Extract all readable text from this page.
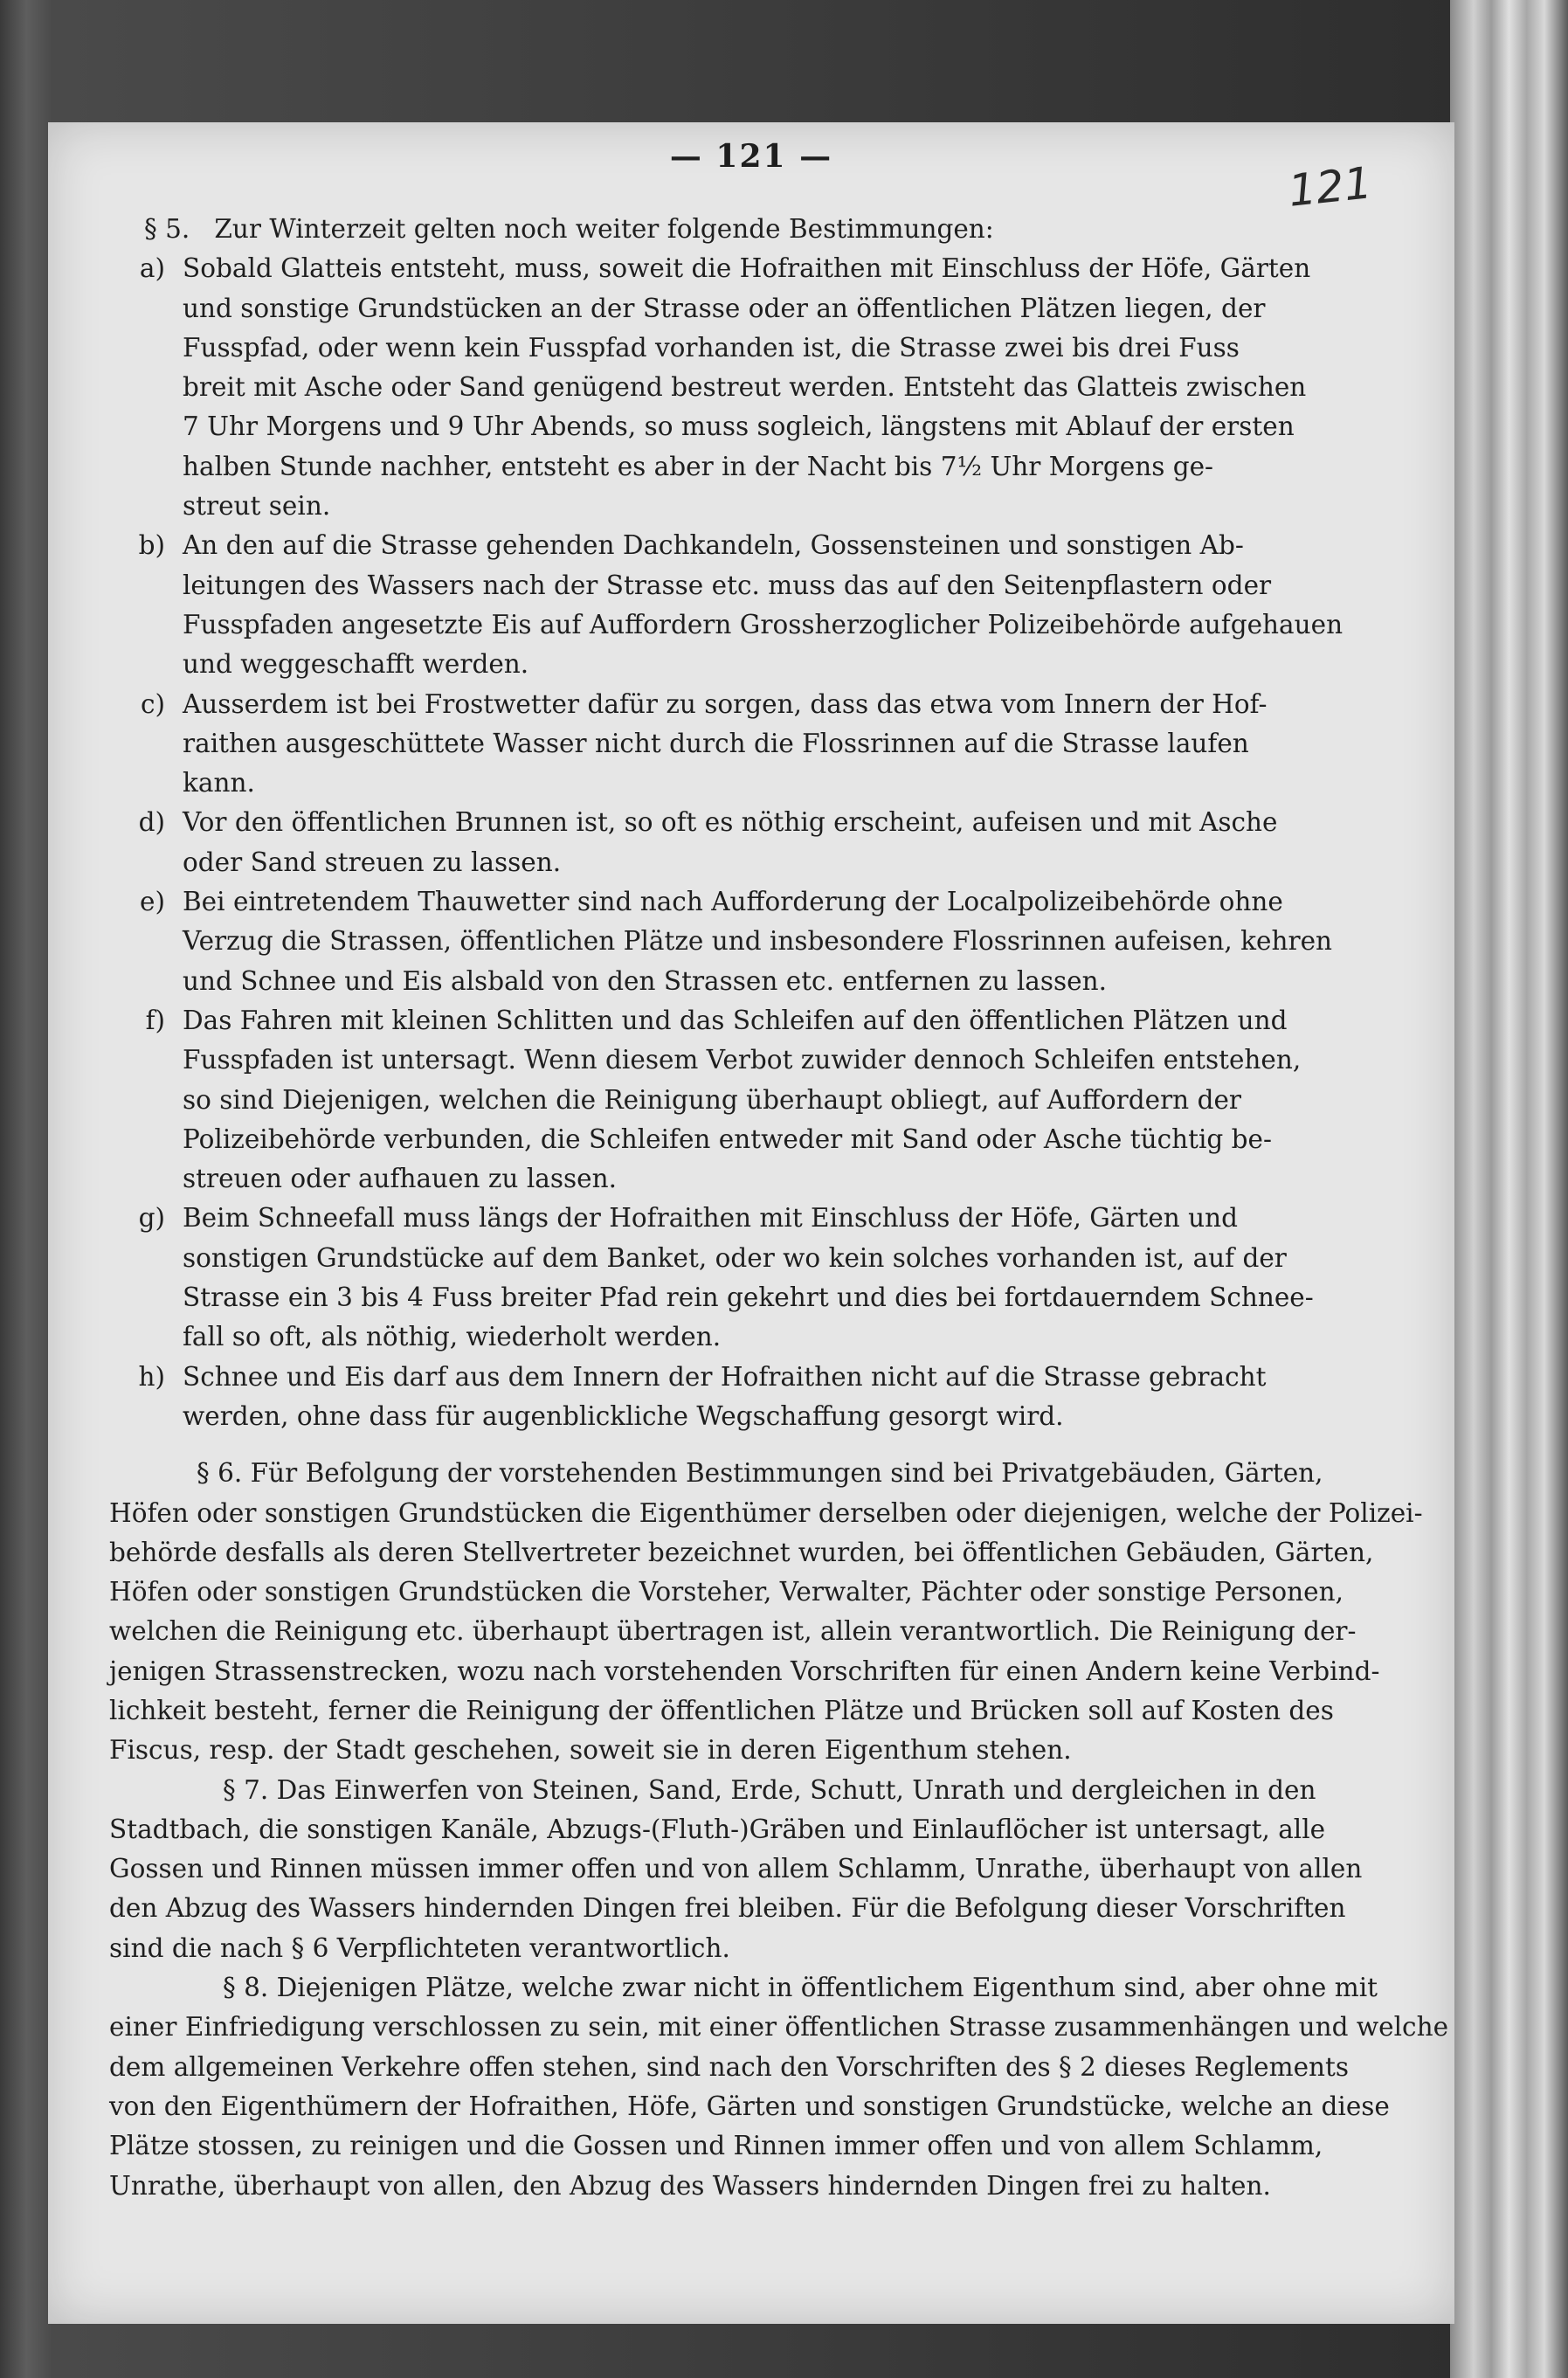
— 121 —
121
§ 5. Zur Winterzeit gelten noch weiter folgende Bestimmungen:
a) Sobald Glatteis entsteht, muss, soweit die Hofraithen mit Einschluss der Höfe, Gärten
und sonstige Grundstücken an der Strasse oder an öffentlichen Plätzen liegen, der
Fusspfad, oder wenn kein Fusspfad vorhanden ist, die Strasse zwei bis drei Fuss
breit mit Asche oder Sand genügend bestreut werden. Entsteht das Glatteis zwischen
7 Uhr Morgens und 9 Uhr Abends, so muss sogleich, längstens mit Ablauf der ersten
halben Stunde nachher, entsteht es aber in der Nacht bis 7½ Uhr Morgens ge-
streut sein.
b) An den auf die Strasse gehenden Dachkandeln, Gossensteinen und sonstigen Ab-
leitungen des Wassers nach der Strasse etc. muss das auf den Seitenpflastern oder
Fusspfaden angesetzte Eis auf Auffordern Grossherzoglicher Polizeibehörde aufgehauen
und weggeschafft werden.
c) Ausserdem ist bei Frostwetter dafür zu sorgen, dass das etwa vom Innern der Hof-
raithen ausgeschüttete Wasser nicht durch die Flossrinnen auf die Strasse laufen
kann.
d) Vor den öffentlichen Brunnen ist, so oft es nöthig erscheint, aufeisen und mit Asche
oder Sand streuen zu lassen.
e) Bei eintretendem Thauwetter sind nach Aufforderung der Localpolizeibehörde ohne
Verzug die Strassen, öffentlichen Plätze und insbesondere Flossrinnen aufeisen, kehren
und Schnee und Eis alsbald von den Strassen etc. entfernen zu lassen.
f) Das Fahren mit kleinen Schlitten und das Schleifen auf den öffentlichen Plätzen und
Fusspfaden ist untersagt. Wenn diesem Verbot zuwider dennoch Schleifen entstehen,
so sind Diejenigen, welchen die Reinigung überhaupt obliegt, auf Auffordern der
Polizeibehörde verbunden, die Schleifen entweder mit Sand oder Asche tüchtig be-
streuen oder aufhauen zu lassen.
g) Beim Schneefall muss längs der Hofraithen mit Einschluss der Höfe, Gärten und
sonstigen Grundstücke auf dem Banket, oder wo kein solches vorhanden ist, auf der
Strasse ein 3 bis 4 Fuss breiter Pfad rein gekehrt und dies bei fortdauerndem Schnee-
fall so oft, als nöthig, wiederholt werden.
h) Schnee und Eis darf aus dem Innern der Hofraithen nicht auf die Strasse gebracht
werden, ohne dass für augenblickliche Wegschaffung gesorgt wird.
§ 6. Für Befolgung der vorstehenden Bestimmungen sind bei Privatgebäuden, Gärten,
Höfen oder sonstigen Grundstücken die Eigenthümer derselben oder diejenigen, welche der Polizei-
behörde desfalls als deren Stellvertreter bezeichnet wurden, bei öffentlichen Gebäuden, Gärten,
Höfen oder sonstigen Grundstücken die Vorsteher, Verwalter, Pächter oder sonstige Personen,
welchen die Reinigung etc. überhaupt übertragen ist, allein verantwortlich. Die Reinigung der-
jenigen Strassenstrecken, wozu nach vorstehenden Vorschriften für einen Andern keine Verbind-
lichkeit besteht, ferner die Reinigung der öffentlichen Plätze und Brücken soll auf Kosten des
Fiscus, resp. der Stadt geschehen, soweit sie in deren Eigenthum stehen.
§ 7. Das Einwerfen von Steinen, Sand, Erde, Schutt, Unrath und dergleichen in den
Stadtbach, die sonstigen Kanäle, Abzugs-(Fluth-)Gräben und Einlauflöcher ist untersagt, alle
Gossen und Rinnen müssen immer offen und von allem Schlamm, Unrathe, überhaupt von allen
den Abzug des Wassers hindernden Dingen frei bleiben. Für die Befolgung dieser Vorschriften
sind die nach § 6 Verpflichteten verantwortlich.
§ 8. Diejenigen Plätze, welche zwar nicht in öffentlichem Eigenthum sind, aber ohne mit
einer Einfriedigung verschlossen zu sein, mit einer öffentlichen Strasse zusammenhängen und welche
dem allgemeinen Verkehre offen stehen, sind nach den Vorschriften des § 2 dieses Reglements
von den Eigenthümern der Hofraithen, Höfe, Gärten und sonstigen Grundstücke, welche an diese
Plätze stossen, zu reinigen und die Gossen und Rinnen immer offen und von allem Schlamm,
Unrathe, überhaupt von allen, den Abzug des Wassers hindernden Dingen frei zu halten.
